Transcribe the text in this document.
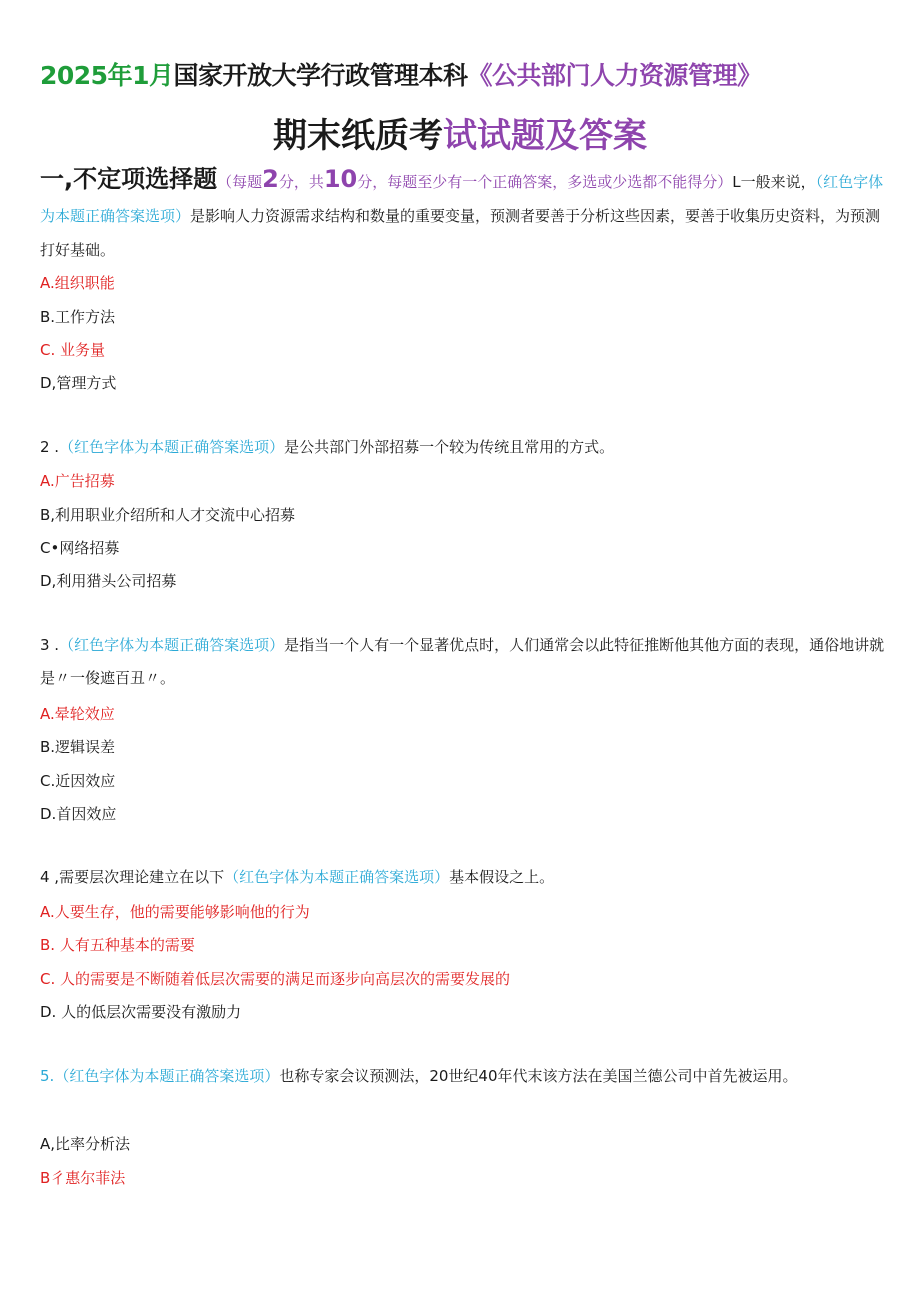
2025年1月国家开放大学行政管理本科《公共部门人力资源管理》
期末纸质考试试题及答案
一,不定项选择题（每题2分，共10分，每题至少有一个正确答案，多选或少选都不能得分）L一般来说，（红色字体为本题正确答案选项）是影响人力资源需求结构和数量的重要变量，预测者要善于分析这些因素，要善于收集历史资料，为预测打好基础。
A.组织职能
B.工作方法
C. 业务量
D,管理方式
2 .（红色字体为本题正确答案选项）是公共部门外部招募一个较为传统且常用的方式。
A.广告招募
B,利用职业介绍所和人才交流中心招募
C•网络招募
D,利用猎头公司招募
3 .（红色字体为本题正确答案选项）是指当一个人有一个显著优点时，人们通常会以此特征推断他其他方面的表现，通俗地讲就是〃一俊遮百丑〃。
A.晕轮效应
B.逻辑误差
C.近因效应
D.首因效应
4 ,需要层次理论建立在以下（红色字体为本题正确答案选项）基本假设之上。
A.人要生存，他的需要能够影响他的行为
B. 人有五种基本的需要
C. 人的需要是不断随着低层次需要的满足而逐步向高层次的需要发展的
D. 人的低层次需要没有激励力
5.（红色字体为本题正确答案选项）也称专家会议预测法，20世纪40年代末该方法在美国兰德公司中首先被运用。
A,比率分析法
B彳惠尔菲法
